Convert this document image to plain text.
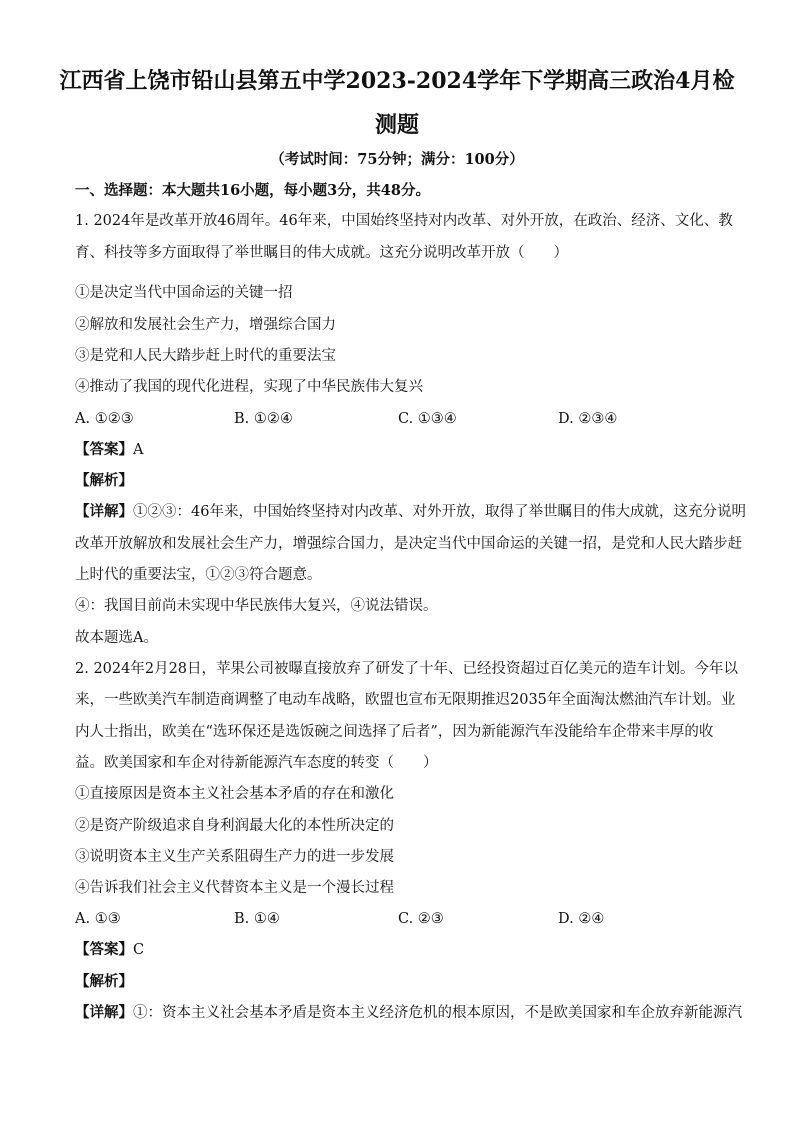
江西省上饶市铅山县第五中学2023-2024学年下学期高三政治4月检
测题
（考试时间：75分钟；满分：100分）
一、选择题：本大题共16小题，每小题3分，共48分。
1. 2024年是改革开放46周年。46年来，中国始终坚持对内改革、对外开放，在政治、经济、文化、教
育、科技等多方面取得了举世瞩目的伟大成就。这充分说明改革开放（　　）
①是决定当代中国命运的关键一招
②解放和发展社会生产力，增强综合国力
③是党和人民大踏步赶上时代的重要法宝
④推动了我国的现代化进程，实现了中华民族伟大复兴
A. ①②③	B. ①②④	C. ①③④	D. ②③④
【答案】A
【解析】
【详解】①②③：46年来，中国始终坚持对内改革、对外开放，取得了举世瞩目的伟大成就，这充分说明
改革开放解放和发展社会生产力，增强综合国力，是决定当代中国命运的关键一招，是党和人民大踏步赶
上时代的重要法宝，①②③符合题意。
④：我国目前尚未实现中华民族伟大复兴，④说法错误。
故本题选A。
2. 2024年2月28日，苹果公司被曝直接放弃了研发了十年、已经投资超过百亿美元的造车计划。今年以
来，一些欧美汽车制造商调整了电动车战略，欧盟也宣布无限期推迟2035年全面淘汰燃油汽车计划。业
内人士指出，欧美在“选环保还是选饭碗之间选择了后者”，因为新能源汽车没能给车企带来丰厚的收
益。欧美国家和车企对待新能源汽车态度的转变（　　）
①直接原因是资本主义社会基本矛盾的存在和激化
②是资产阶级追求自身利润最大化的本性所决定的
③说明资本主义生产关系阻碍生产力的进一步发展
④告诉我们社会主义代替资本主义是一个漫长过程
A. ①③	B. ①④	C. ②③	D. ②④
【答案】C
【解析】
【详解】①：资本主义社会基本矛盾是资本主义经济危机的根本原因，不是欧美国家和车企放弃新能源汽
